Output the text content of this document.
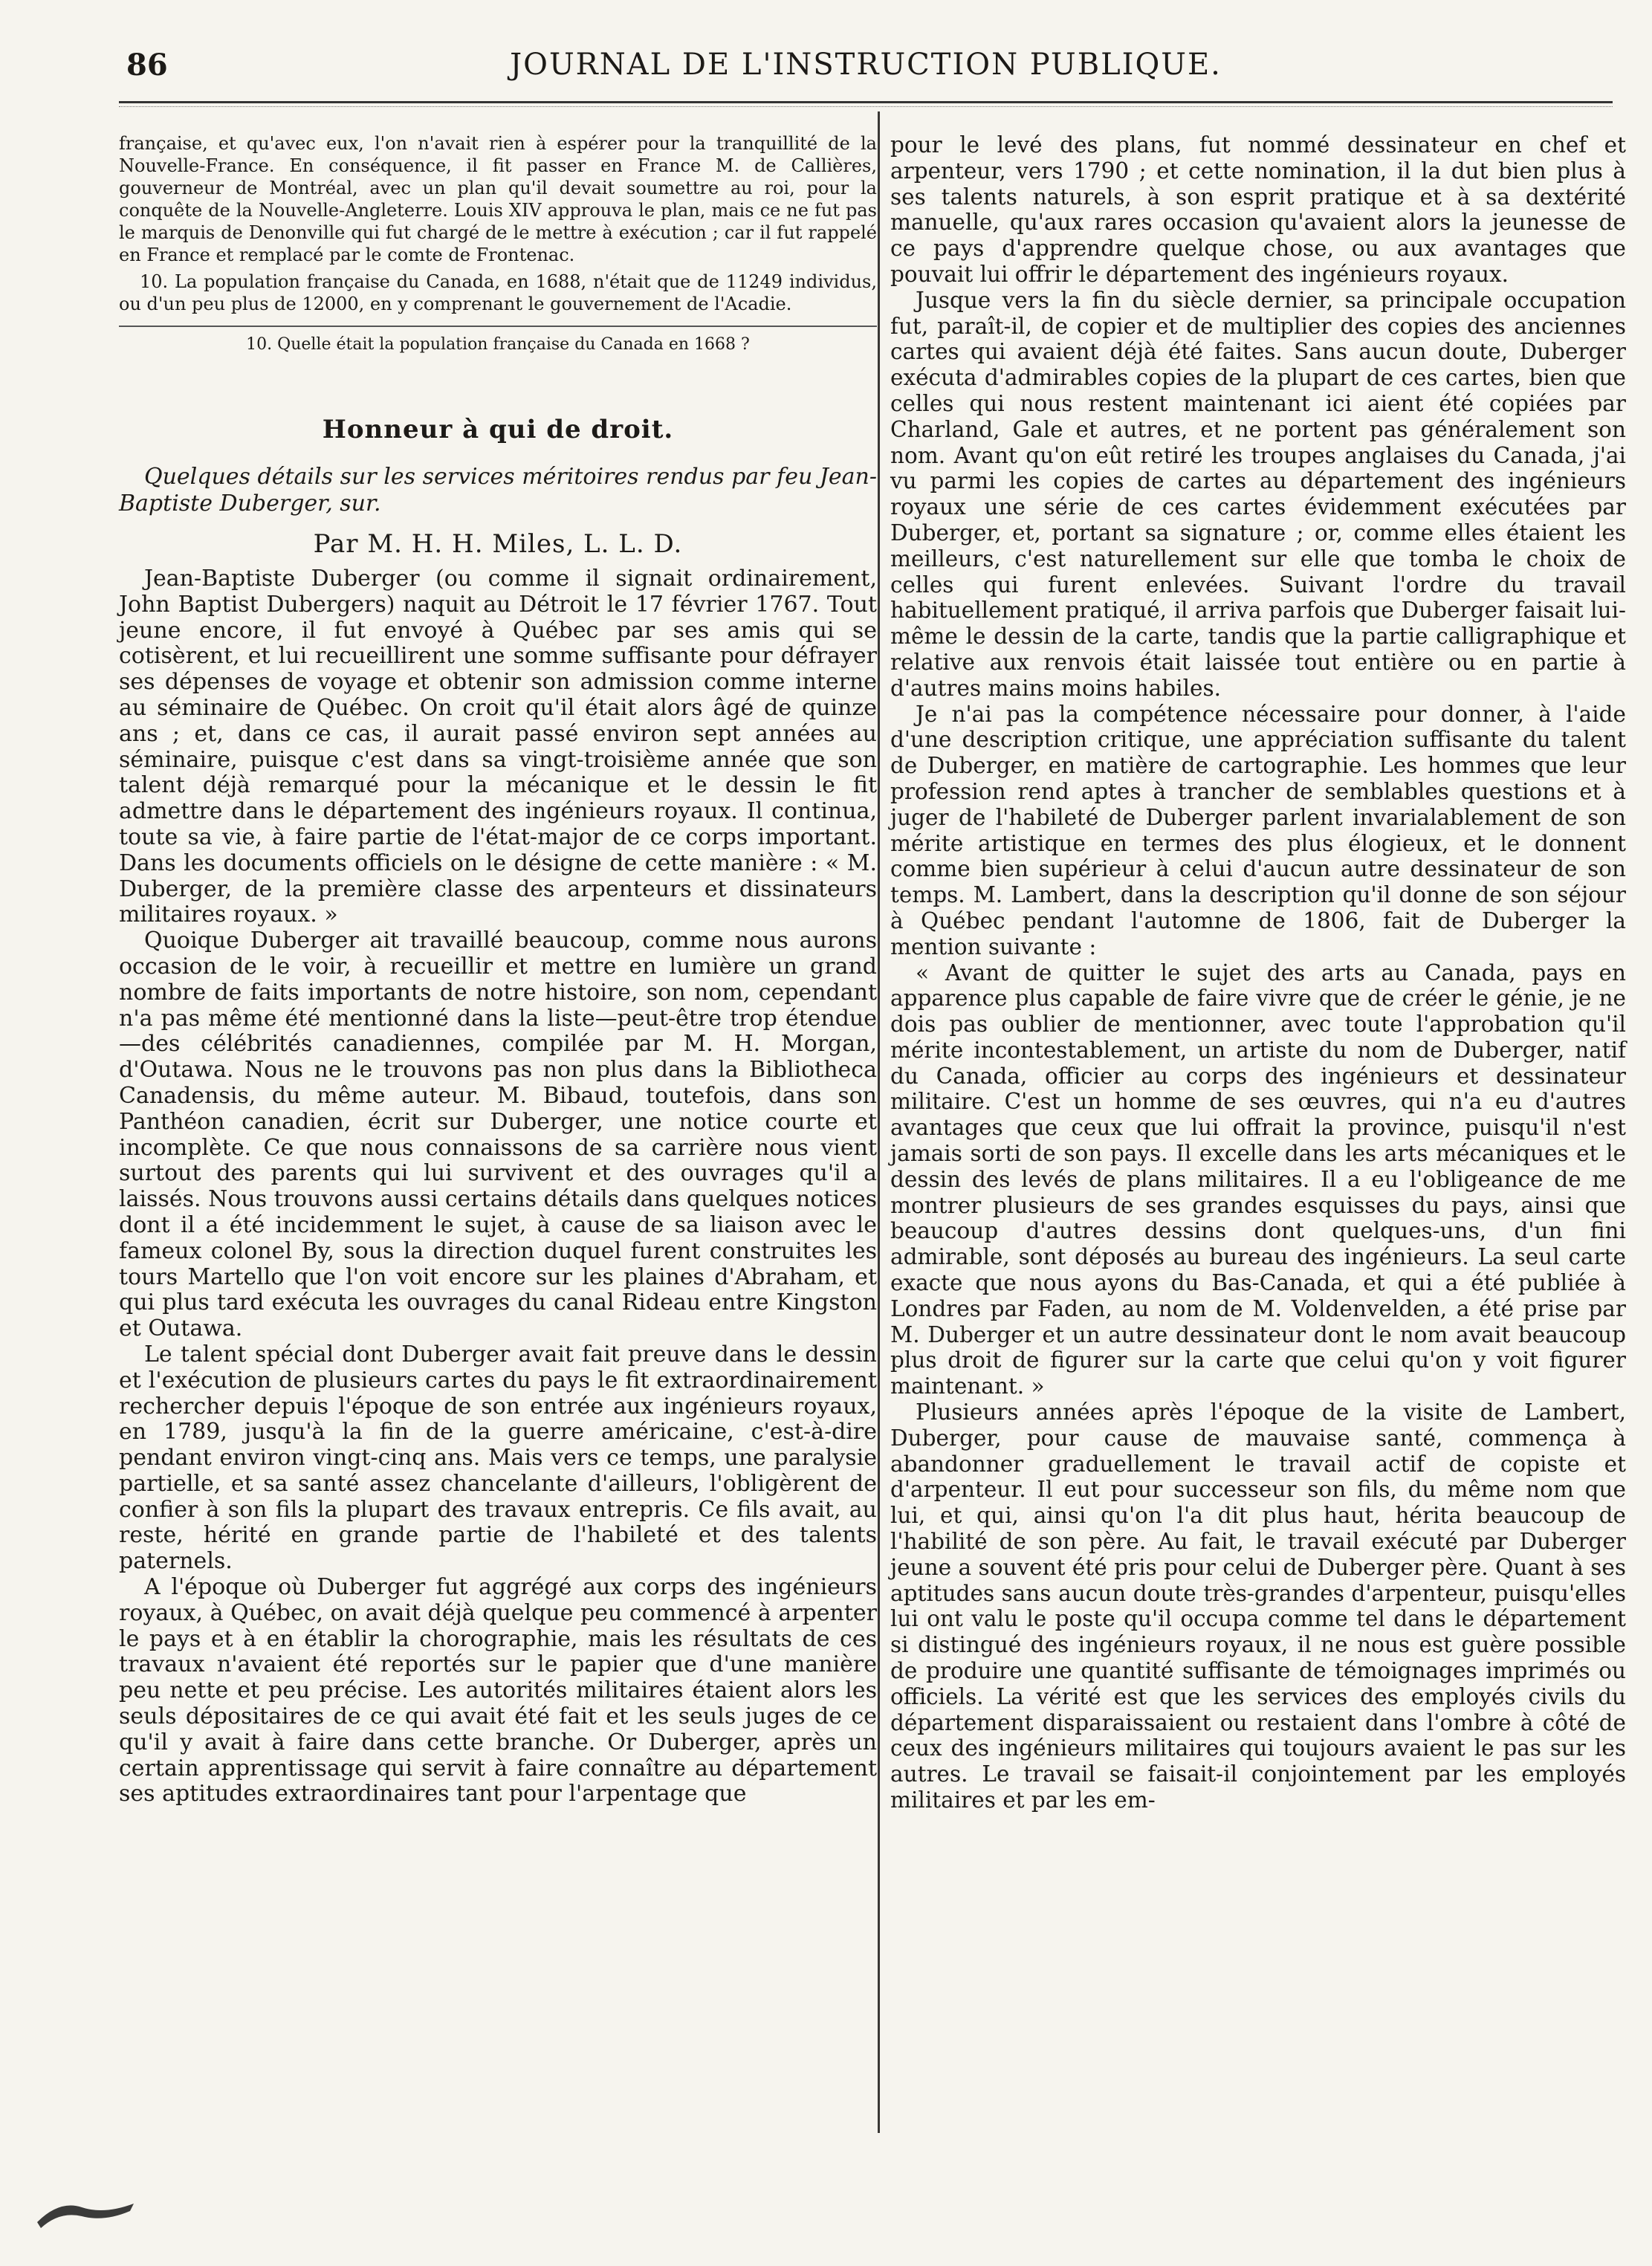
86	JOURNAL DE L'INSTRUCTION PUBLIQUE.

française, et qu'avec eux, l'on n'avait rien à espérer pour la tranquillité de la Nouvelle-France. En conséquence, il fit passer en France M. de Callières, gouverneur de Montréal, avec un plan qu'il devait soumettre au roi, pour la conquête de la Nouvelle-Angleterre. Louis XIV approuva le plan, mais ce ne fut pas le marquis de Denonville qui fut chargé de le mettre à exécution ; car il fut rappelé en France et remplacé par le comte de Frontenac.

10. La population française du Canada, en 1688, n'était que de 11249 individus, ou d'un peu plus de 12000, en y comprenant le gouvernement de l'Acadie.

10. Quelle était la population française du Canada en 1668 ?
Honneur à qui de droit.
Quelques détails sur les services méritoires rendus par feu Jean-Baptiste Duberger, sur.
Par M. H. H. Miles, L. L. D.

Jean-Baptiste Duberger (ou comme il signait ordinairement, John Baptist Dubergers) naquit au Détroit le 17 février 1767. Tout jeune encore, il fut envoyé à Québec par ses amis qui se cotisèrent, et lui recueillirent une somme suffisante pour défrayer ses dépenses de voyage et obtenir son admission comme interne au séminaire de Québec. On croit qu'il était alors âgé de quinze ans ; et, dans ce cas, il aurait passé environ sept années au séminaire, puisque c'est dans sa vingt-troisième année que son talent déjà remarqué pour la mécanique et le dessin le fit admettre dans le département des ingénieurs royaux. Il continua, toute sa vie, à faire partie de l'état-major de ce corps important. Dans les documents officiels on le désigne de cette manière : « M. Duberger, de la première classe des arpenteurs et dissinateurs militaires royaux. »

Quoique Duberger ait travaillé beaucoup, comme nous aurons occasion de le voir, à recueillir et mettre en lumière un grand nombre de faits importants de notre histoire, son nom, cependant n'a pas même été mentionné dans la liste—peut-être trop étendue—des célébrités canadiennes, compilée par M. H. Morgan, d'Outawa. Nous ne le trouvons pas non plus dans la Bibliotheca Canadensis, du même auteur. M. Bibaud, toutefois, dans son Panthéon canadien, écrit sur Duberger, une notice courte et incomplète. Ce que nous connaissons de sa carrière nous vient surtout des parents qui lui survivent et des ouvrages qu'il a laissés. Nous trouvons aussi certains détails dans quelques notices dont il a été incidemment le sujet, à cause de sa liaison avec le fameux colonel By, sous la direction duquel furent construites les tours Martello que l'on voit encore sur les plaines d'Abraham, et qui plus tard exécuta les ouvrages du canal Rideau entre Kingston et Outawa.

Le talent spécial dont Duberger avait fait preuve dans le dessin et l'exécution de plusieurs cartes du pays le fit extraordinairement rechercher depuis l'époque de son entrée aux ingénieurs royaux, en 1789, jusqu'à la fin de la guerre américaine, c'est-à-dire pendant environ vingt-cinq ans. Mais vers ce temps, une paralysie partielle, et sa santé assez chancelante d'ailleurs, l'obligèrent de confier à son fils la plupart des travaux entrepris. Ce fils avait, au reste, hérité en grande partie de l'habileté et des talents paternels.

A l'époque où Duberger fut aggrégé aux corps des ingénieurs royaux, à Québec, on avait déjà quelque peu commencé à arpenter le pays et à en établir la chorographie, mais les résultats de ces travaux n'avaient été reportés sur le papier que d'une manière peu nette et peu précise. Les autorités militaires étaient alors les seuls dépositaires de ce qui avait été fait et les seuls juges de ce qu'il y avait à faire dans cette branche. Or Duberger, après un certain apprentissage qui servit à faire connaître au département ses aptitudes extraordinaires tant pour l'arpentage que

pour le levé des plans, fut nommé dessinateur en chef et arpenteur, vers 1790 ; et cette nomination, il la dut bien plus à ses talents naturels, à son esprit pratique et à sa dextérité manuelle, qu'aux rares occasion qu'avaient alors la jeunesse de ce pays d'apprendre quelque chose, ou aux avantages que pouvait lui offrir le département des ingénieurs royaux.

Jusque vers la fin du siècle dernier, sa principale occupation fut, paraît-il, de copier et de multiplier des copies des anciennes cartes qui avaient déjà été faites. Sans aucun doute, Duberger exécuta d'admirables copies de la plupart de ces cartes, bien que celles qui nous restent maintenant ici aient été copiées par Charland, Gale et autres, et ne portent pas généralement son nom. Avant qu'on eût retiré les troupes anglaises du Canada, j'ai vu parmi les copies de cartes au département des ingénieurs royaux une série de ces cartes évidemment exécutées par Duberger, et, portant sa signature ; or, comme elles étaient les meilleurs, c'est naturellement sur elle que tomba le choix de celles qui furent enlevées. Suivant l'ordre du travail habituellement pratiqué, il arriva parfois que Duberger faisait lui-même le dessin de la carte, tandis que la partie calligraphique et relative aux renvois était laissée tout entière ou en partie à d'autres mains moins habiles.

Je n'ai pas la compétence nécessaire pour donner, à l'aide d'une description critique, une appréciation suffisante du talent de Duberger, en matière de cartographie. Les hommes que leur profession rend aptes à trancher de semblables questions et à juger de l'habileté de Duberger parlent invarialablement de son mérite artistique en termes des plus élogieux, et le donnent comme bien supérieur à celui d'aucun autre dessinateur de son temps. M. Lambert, dans la description qu'il donne de son séjour à Québec pendant l'automne de 1806, fait de Duberger la mention suivante :

« Avant de quitter le sujet des arts au Canada, pays en apparence plus capable de faire vivre que de créer le génie, je ne dois pas oublier de mentionner, avec toute l'approbation qu'il mérite incontestablement, un artiste du nom de Duberger, natif du Canada, officier au corps des ingénieurs et dessinateur militaire. C'est un homme de ses œuvres, qui n'a eu d'autres avantages que ceux que lui offrait la province, puisqu'il n'est jamais sorti de son pays. Il excelle dans les arts mécaniques et le dessin des levés de plans militaires. Il a eu l'obligeance de me montrer plusieurs de ses grandes esquisses du pays, ainsi que beaucoup d'autres dessins dont quelques-uns, d'un fini admirable, sont déposés au bureau des ingénieurs. La seul carte exacte que nous ayons du Bas-Canada, et qui a été publiée à Londres par Faden, au nom de M. Voldenvelden, a été prise par M. Duberger et un autre dessinateur dont le nom avait beaucoup plus droit de figurer sur la carte que celui qu'on y voit figurer maintenant. »

Plusieurs années après l'époque de la visite de Lambert, Duberger, pour cause de mauvaise santé, commença à abandonner graduellement le travail actif de copiste et d'arpenteur. Il eut pour successeur son fils, du même nom que lui, et qui, ainsi qu'on l'a dit plus haut, hérita beaucoup de l'habilité de son père. Au fait, le travail exécuté par Duberger jeune a souvent été pris pour celui de Duberger père. Quant à ses aptitudes sans aucun doute très-grandes d'arpenteur, puisqu'elles lui ont valu le poste qu'il occupa comme tel dans le département si distingué des ingénieurs royaux, il ne nous est guère possible de produire une quantité suffisante de témoignages imprimés ou officiels. La vérité est que les services des employés civils du département disparaissaient ou restaient dans l'ombre à côté de ceux des ingénieurs militaires qui toujours avaient le pas sur les autres. Le travail se faisait-il conjointement par les employés militaires et par les em-
